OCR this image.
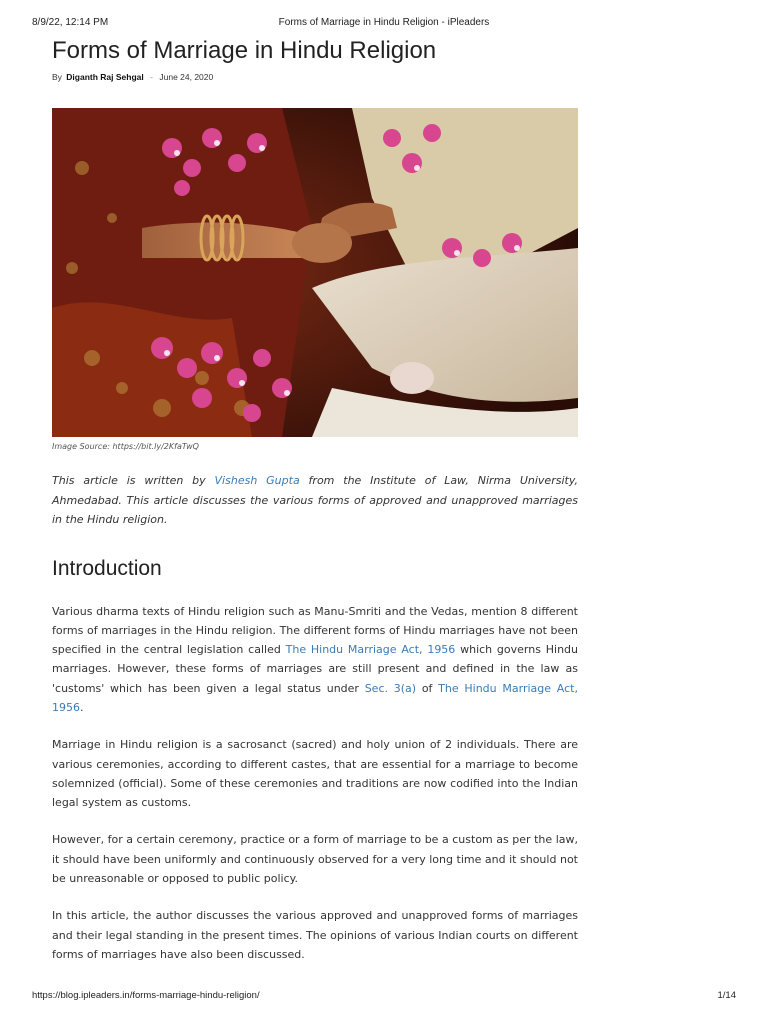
8/9/22, 12:14 PM	Forms of Marriage in Hindu Religion - iPleaders
Forms of Marriage in Hindu Religion
By Diganth Raj Sehgal - June 24, 2020
Image Source: https://bit.ly/2KfaTwQ
This article is written by Vishesh Gupta from the Institute of Law, Nirma University, Ahmedabad. This article discusses the various forms of approved and unapproved marriages in the Hindu religion.
Introduction

Various dharma texts of Hindu religion such as Manu-Smriti and the Vedas, mention 8 different forms of marriages in the Hindu religion. The different forms of Hindu marriages have not been specified in the central legislation called The Hindu Marriage Act, 1956 which governs Hindu marriages. However, these forms of marriages are still present and defined in the law as 'customs' which has been given a legal status under Sec. 3(a) of The Hindu Marriage Act, 1956.

Marriage in Hindu religion is a sacrosanct (sacred) and holy union of 2 individuals. There are various ceremonies, according to different castes, that are essential for a marriage to become solemnized (official). Some of these ceremonies and traditions are now codified into the Indian legal system as customs.

However, for a certain ceremony, practice or a form of marriage to be a custom as per the law, it should have been uniformly and continuously observed for a very long time and it should not be unreasonable or opposed to public policy.

In this article, the author discusses the various approved and unapproved forms of marriages and their legal standing in the present times. The opinions of various Indian courts on different forms of marriages have also been discussed.

https://blog.ipleaders.in/forms-marriage-hindu-religion/	1/14
